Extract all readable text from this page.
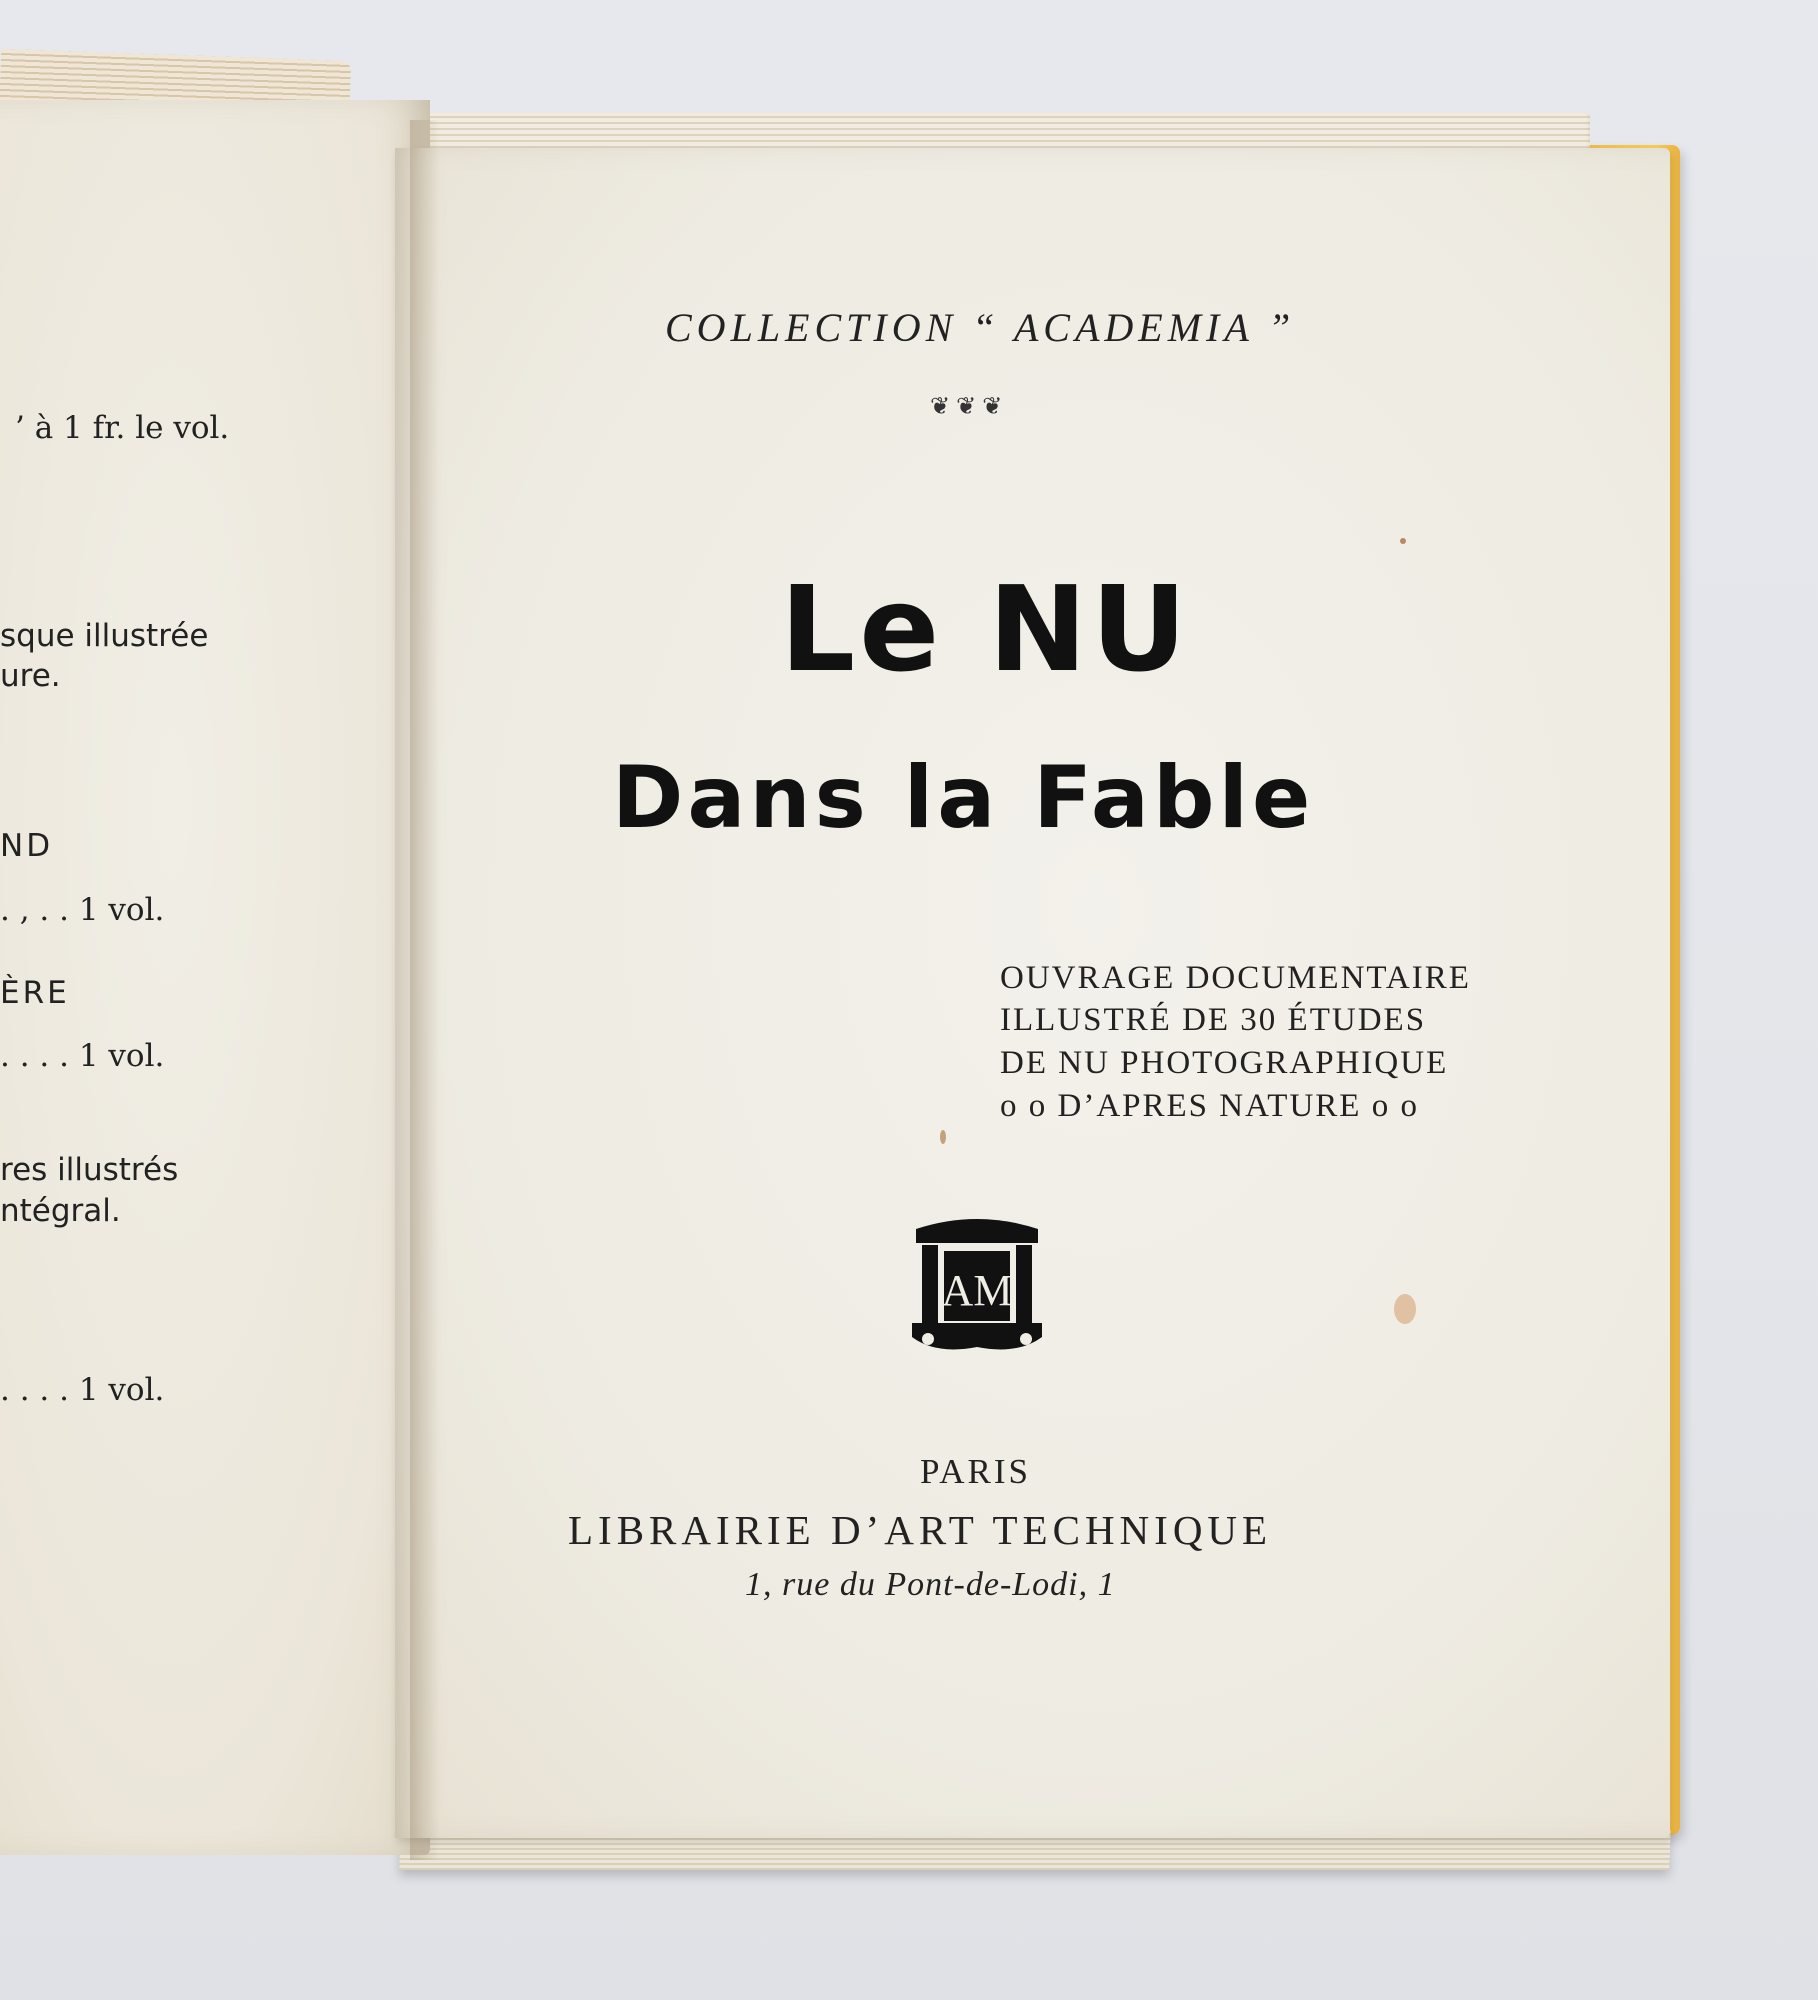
’ à 1 fr. le vol.
sque illustrée
ure.
ND
. , . . 1 vol.
ÈRE
. . . . 1 vol.
res illustrés
ntégral.
. . . . 1 vol.
COLLECTION “ ACADEMIA ”
❦❦❦
Le NU
Dans la Fable
OUVRAGE DOCUMENTAIRE
ILLUSTRÉ DE 30 ÉTUDES
DE NU PHOTOGRAPHIQUE
o o D’APRES NATURE o o
AM
PARIS
LIBRAIRIE D’ART TECHNIQUE
1, rue du Pont-de-Lodi, 1
